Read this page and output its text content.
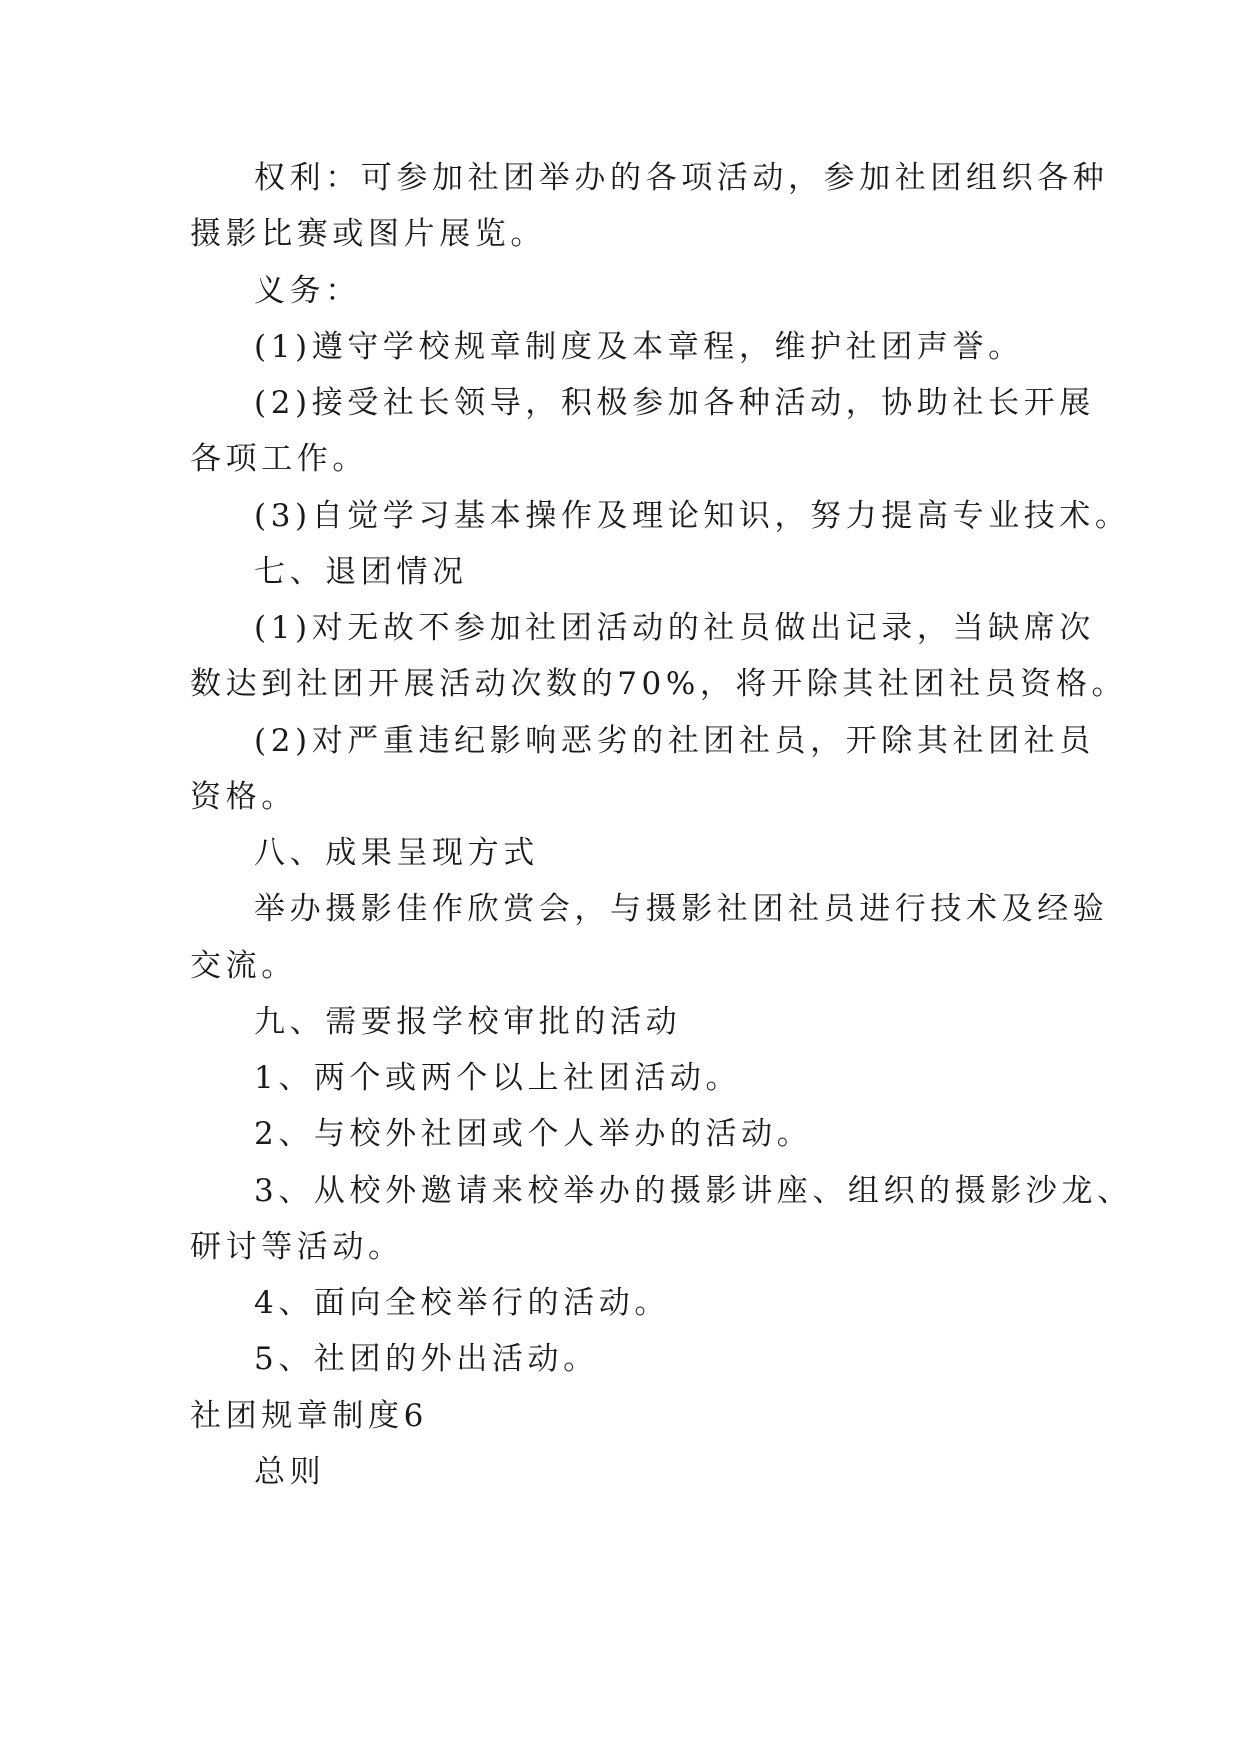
权利：可参加社团举办的各项活动，参加社团组织各种
摄影比赛或图片展览。
义务：
(1)遵守学校规章制度及本章程，维护社团声誉。
(2)接受社长领导，积极参加各种活动，协助社长开展
各项工作。
(3)自觉学习基本操作及理论知识，努力提高专业技术。
七、退团情况
(1)对无故不参加社团活动的社员做出记录，当缺席次
数达到社团开展活动次数的70%，将开除其社团社员资格。
(2)对严重违纪影响恶劣的社团社员，开除其社团社员
资格。
八、成果呈现方式
举办摄影佳作欣赏会，与摄影社团社员进行技术及经验
交流。
九、需要报学校审批的活动
1、两个或两个以上社团活动。
2、与校外社团或个人举办的活动。
3、从校外邀请来校举办的摄影讲座、组织的摄影沙龙、
研讨等活动。
4、面向全校举行的活动。
5、社团的外出活动。
社团规章制度6
总则
